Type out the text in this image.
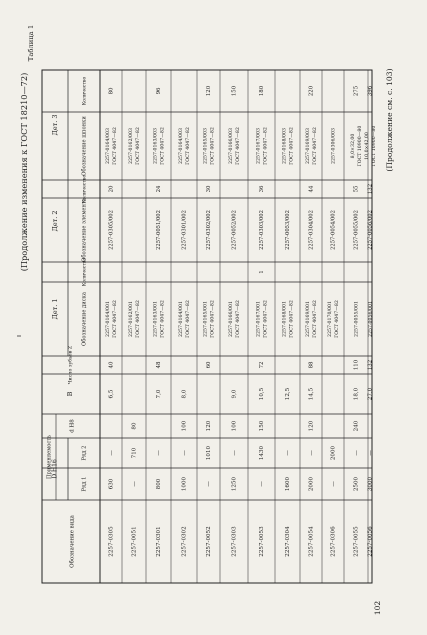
Дет. 3
Дет. 2
Дет. 1
Количество
Обозначение шпонки
Количество
Обозначение элемента
Количество
Обозначение диска
Число зубьев Z
B
d H8
D H16
Ряд 2
Ряд 1
Применяемость
Обозначение вида	2257-0305
630
—
6,5
40
2257-0305/002
20
80
2257-0164/001 ГОСТ 4047—82
2257-0164/003 ГОСТ 4047—82
2257-0051
—
710
80
2257-0162/001 ГОСТ 4047—82
2257-0162/003 ГОСТ 4047—82
2257-0301
800
—
7,0
48
2257-0051/002
24
96
2257-0163/001 ГОСТ 4047—82
2257-0163/003 ГОСТ 4047—82
2257-0302
1000
—
100
8,0
2257-0301/002
2257-0164/001 ГОСТ 4047—82
2257-0164/003 ГОСТ 4047—82
2257-0052
—
1010
120
60
2257-0302/002
30
120
2257-0165/001 ГОСТ 4047—82
2257-0165/003 ГОСТ 4047—82
2257-0303
1250
—
100
9,0
2257-0052/002
150
2257-0166/001 ГОСТ 4047—82
2257-0166/003 ГОСТ 4047—82
2257-0053
—
1430
150
10,5
72
1
2257-0303/002
36
180
2257-0167/001 ГОСТ 4047—82
2257-0167/003 ГОСТ 4047—82
2257-0304
1600
—
12,5
2257-0053/002
2257-0168/001 ГОСТ 4047—82
2257-0168/003 ГОСТ 4047—82
2257-0054
2000
—
120
14,5
88
2257-0304/002
44
220
2257-0169/001 ГОСТ 4047—82
2257-0169/003 ГОСТ 4047—82
2257-0306
—
2000
2257-0054/002
2257-0170/001 ГОСТ 4047—82
2257-0306/003
2257-0055
2500
—
240
18,0
110
2257-0055/002
55
275
2257-0055/001
8,0×32,00 ГОСТ 10900—80
2257-0056
3000
—
27,0
132
2257-0056/002
132
396
2257-0056/001
10,0×42,00 ГОСТ 10900—80
(Продолжение изменения к ГОСТ 18210—72)
Таблица 1
(Продолжение см. с. 103)
102
